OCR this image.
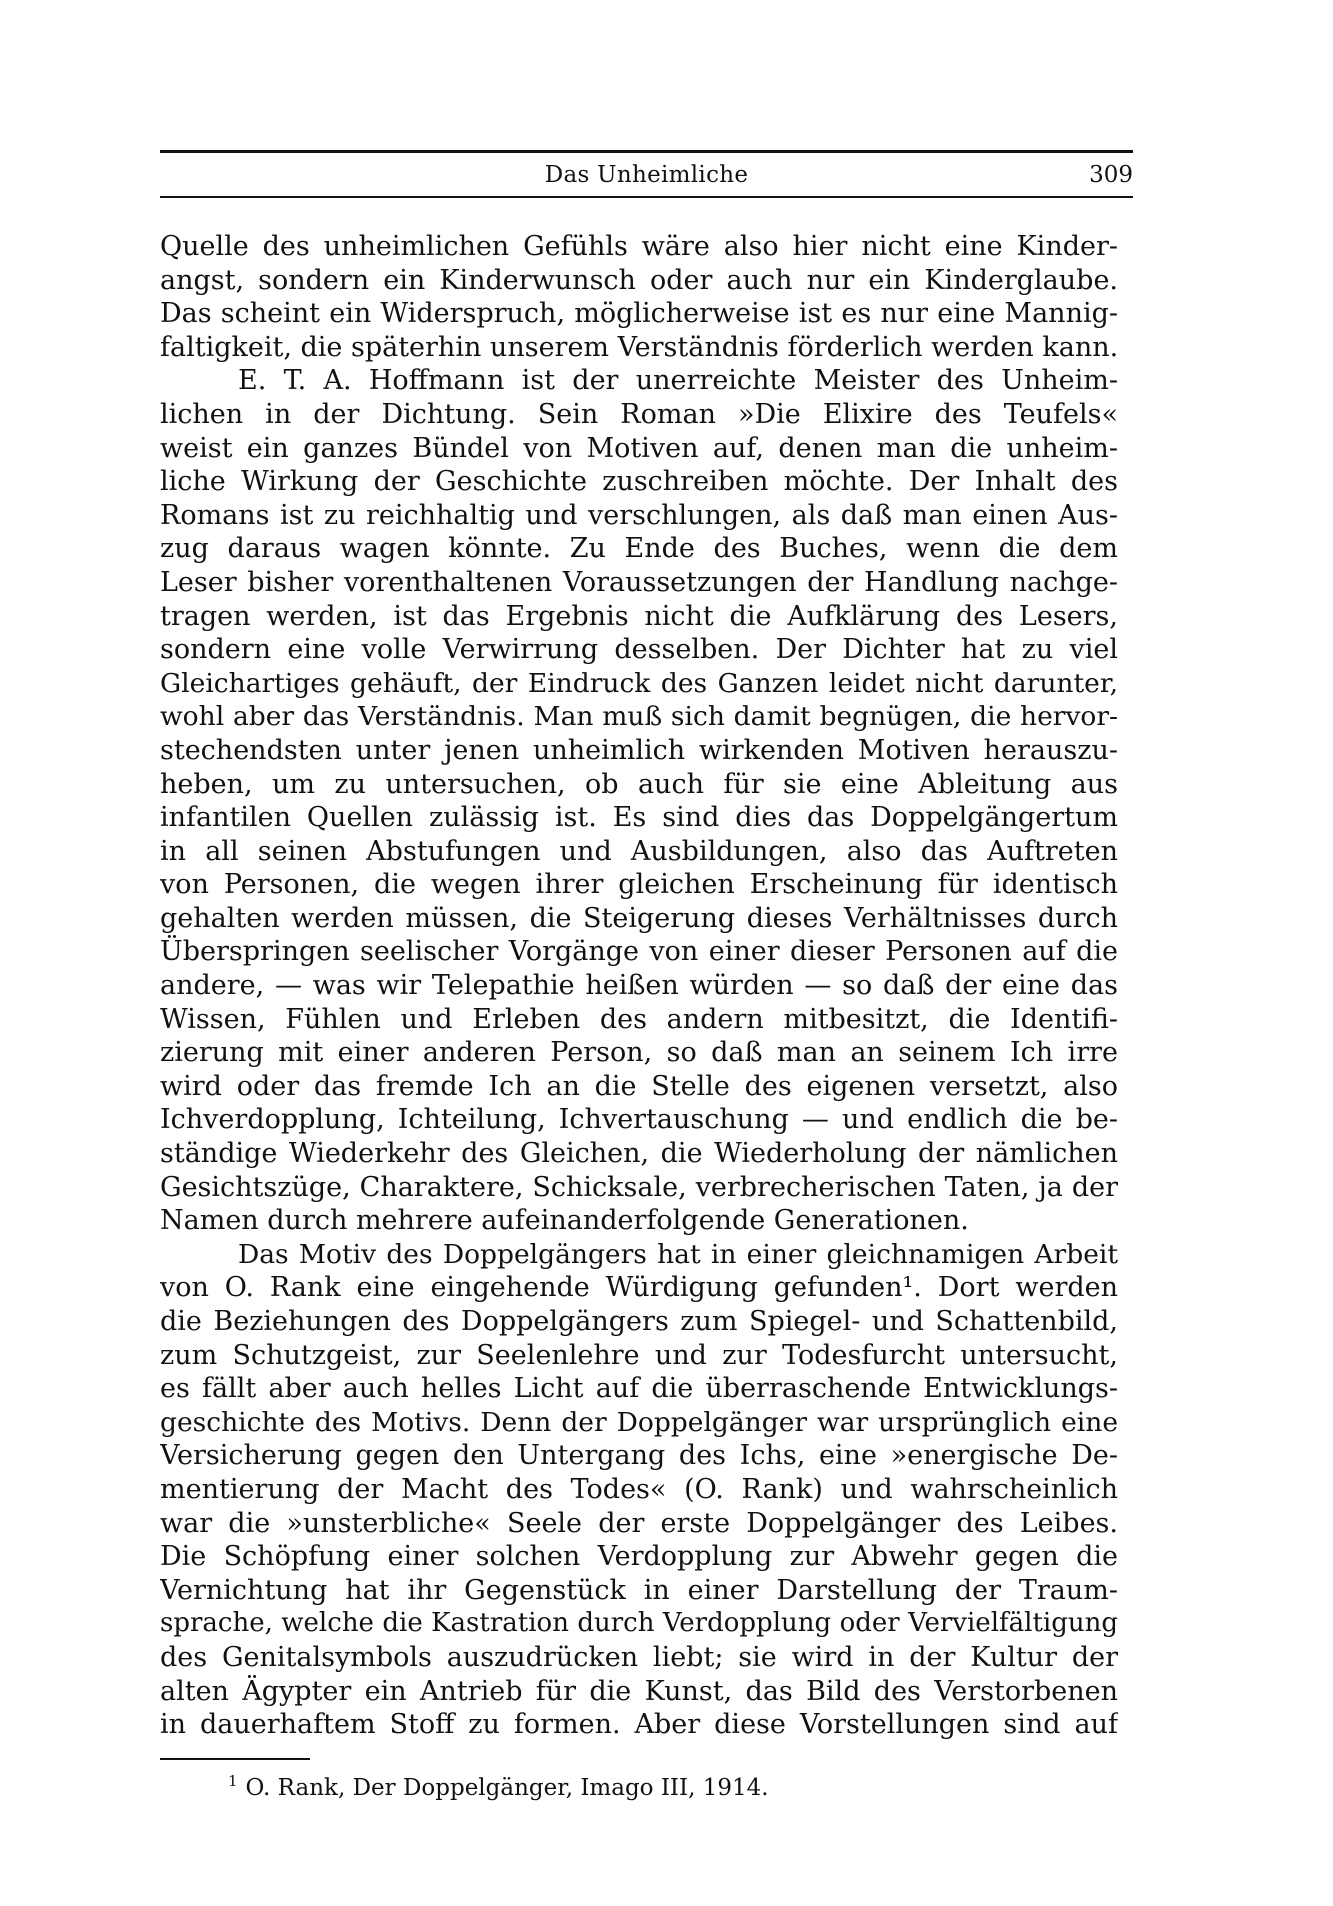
Das Unheimliche	309
Quelle des unheimlichen Gefühls wäre also hier nicht eine Kinder‑
angst, sondern ein Kinderwunsch oder auch nur ein Kinderglaube.
Das scheint ein Widerspruch, möglicherweise ist es nur eine Mannig‑
faltigkeit, die späterhin unserem Verständnis förderlich werden kann.
E. T. A. Hoffmann ist der unerreichte Meister des Unheim‑
lichen in der Dichtung. Sein Roman »Die Elixire des Teufels«
weist ein ganzes Bündel von Motiven auf, denen man die unheim‑
liche Wirkung der Geschichte zuschreiben möchte. Der Inhalt des
Romans ist zu reichhaltig und verschlungen, als daß man einen Aus‑
zug daraus wagen könnte. Zu Ende des Buches, wenn die dem
Leser bisher vorenthaltenen Voraussetzungen der Handlung nachge‑
tragen werden, ist das Ergebnis nicht die Aufklärung des Lesers,
sondern eine volle Verwirrung desselben. Der Dichter hat zu viel
Gleichartiges gehäuft, der Eindruck des Ganzen leidet nicht darunter,
wohl aber das Verständnis. Man muß sich damit begnügen, die hervor‑
stechendsten unter jenen unheimlich wirkenden Motiven herauszu‑
heben, um zu untersuchen, ob auch für sie eine Ableitung aus
infantilen Quellen zulässig ist. Es sind dies das Doppelgängertum
in all seinen Abstufungen und Ausbildungen, also das Auftreten
von Personen, die wegen ihrer gleichen Erscheinung für identisch
gehalten werden müssen, die Steigerung dieses Verhältnisses durch
Überspringen seelischer Vorgänge von einer dieser Personen auf die
andere, — was wir Telepathie heißen würden — so daß der eine das
Wissen, Fühlen und Erleben des andern mitbesitzt, die Identifi‑
zierung mit einer anderen Person, so daß man an seinem Ich irre
wird oder das fremde Ich an die Stelle des eigenen versetzt, also
Ichverdopplung, Ichteilung, Ichvertauschung — und endlich die be‑
ständige Wiederkehr des Gleichen, die Wiederholung der nämlichen
Gesichtszüge, Charaktere, Schicksale, verbrecherischen Taten, ja der
Namen durch mehrere aufeinanderfolgende Generationen.
Das Motiv des Doppelgängers hat in einer gleichnamigen Arbeit
von O. Rank eine eingehende Würdigung gefunden¹. Dort werden
die Beziehungen des Doppelgängers zum Spiegel‑ und Schattenbild,
zum Schutzgeist, zur Seelenlehre und zur Todesfurcht untersucht,
es fällt aber auch helles Licht auf die überraschende Entwicklungs‑
geschichte des Motivs. Denn der Doppelgänger war ursprünglich eine
Versicherung gegen den Untergang des Ichs, eine »energische De‑
mentierung der Macht des Todes« (O. Rank) und wahrscheinlich
war die »unsterbliche« Seele der erste Doppelgänger des Leibes.
Die Schöpfung einer solchen Verdopplung zur Abwehr gegen die
Vernichtung hat ihr Gegenstück in einer Darstellung der Traum‑
sprache, welche die Kastration durch Verdopplung oder Vervielfältigung
des Genitalsymbols auszudrücken liebt; sie wird in der Kultur der
alten Ägypter ein Antrieb für die Kunst, das Bild des Verstorbenen
in dauerhaftem Stoff zu formen. Aber diese Vorstellungen sind auf
$^1$ O. Rank, Der Doppelgänger, Imago III, 1914.
